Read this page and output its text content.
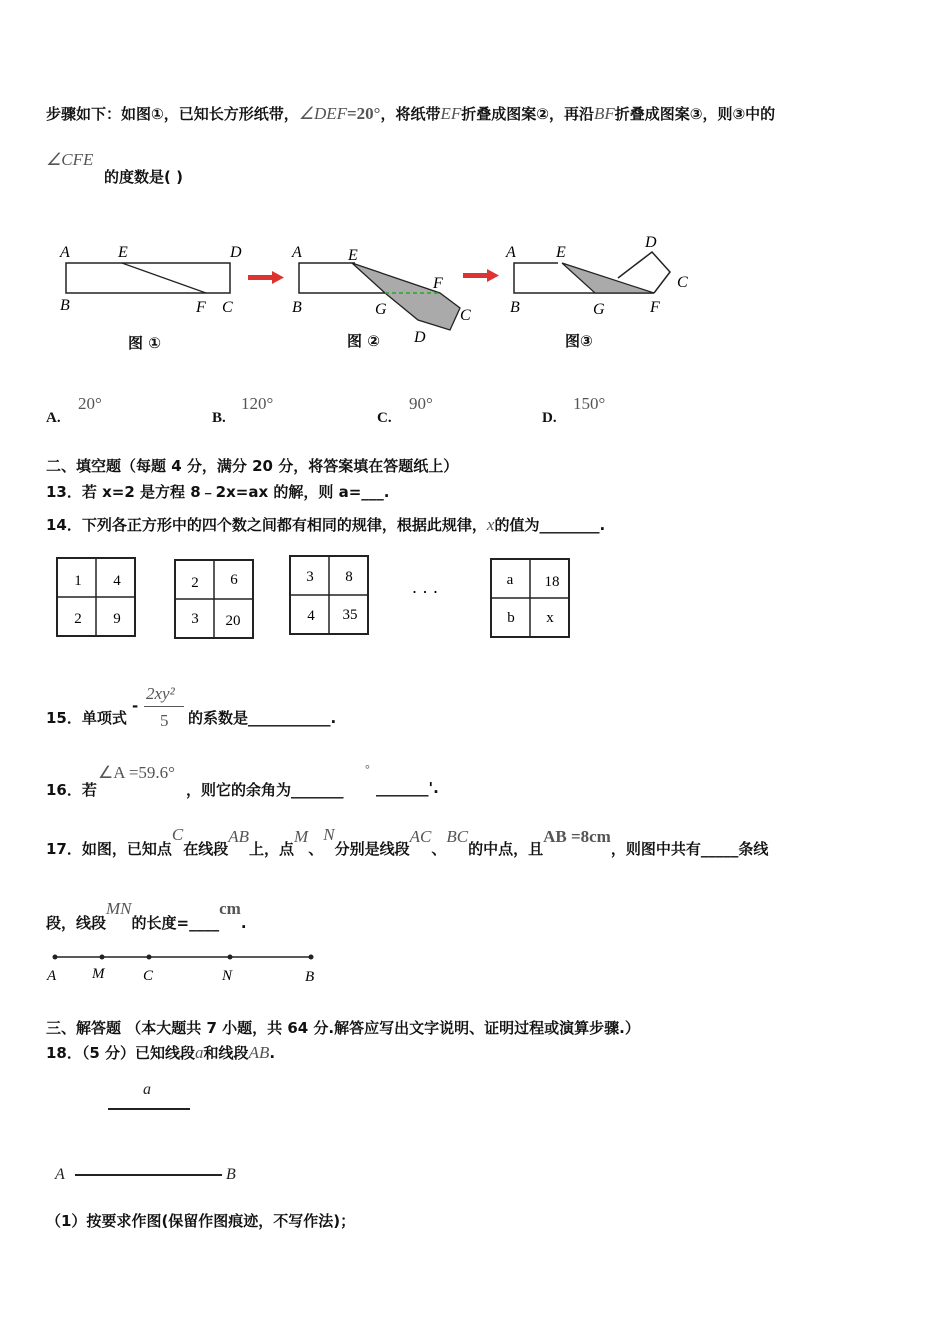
步骤如下：如图①，已知长方形纸带，∠DEF=20°，将纸带EF折叠成图案②，再沿BF折叠成图案③，则③中的
∠CFE
的度数是( )
A	E	D
B	F C
A	E
F
B	G	C
D
A	E
D
C
B	G	F
图 ①	图 ②	图③
A.
20°
B.
120°
C.
90°
D.
150°
二、填空题（每题 4 分，满分 20 分，将答案填在答题纸上）
13．若 x=2 是方程 8﹣2x=ax 的解，则 a=___.
14．下列各正方形中的四个数之间都有相同的规律，根据此规律，x的值为________.
1 4
2 9
2 6
3 20
3 8
4 35
· · ·
a 18
b x
15．单项式
-
2xy²
5 的系数是___________.
16．若
∠A =59.6°
，则它的余角为_______
°
_______'.
17．如图，已知点C在线段AB上，点M、N分别是线段AC、BC的中点，且AB =8cm，则图中共有_____条线
段，线段MN的长度=____cm.
A M	C	N	B
三、解答题 （本大题共 7 小题，共 64 分.解答应写出文字说明、证明过程或演算步骤.）
18．（5 分）已知线段a和线段AB.
a
A	B
（1）按要求作图(保留作图痕迹，不写作法)；
